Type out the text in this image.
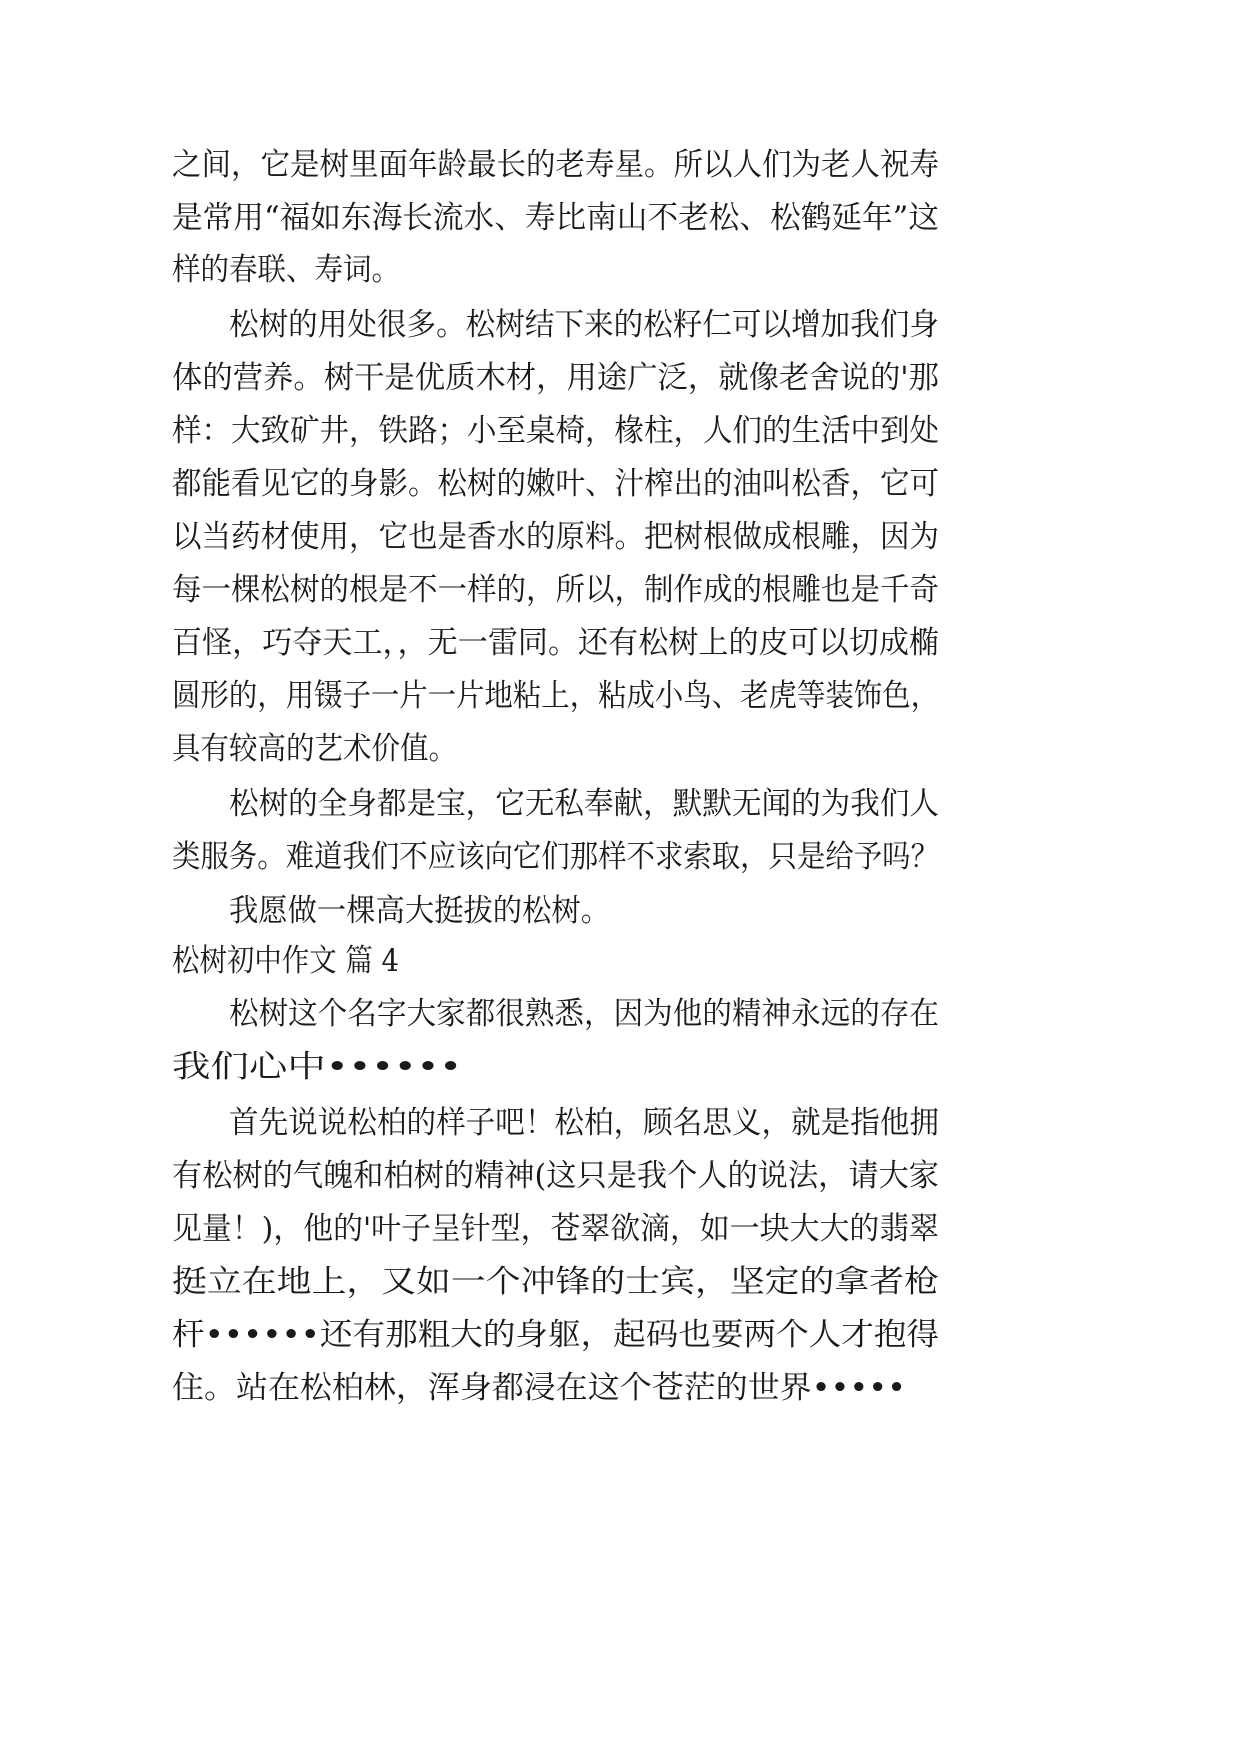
之间，它是树里面年龄最长的老寿星。所以人们为老人祝寿
是常用“福如东海长流水、寿比南山不老松、松鹤延年”这
样的春联、寿词。
松树的用处很多。松树结下来的松籽仁可以增加我们身
体的营养。树干是优质木材，用途广泛，就像老舍说的'那
样：大致矿井，铁路；小至桌椅，椽柱，人们的生活中到处
都能看见它的身影。松树的嫩叶、汁榨出的油叫松香，它可
以当药材使用，它也是香水的原料。把树根做成根雕，因为
每一棵松树的根是不一样的，所以，制作成的根雕也是千奇
百怪，巧夺天工，，无一雷同。还有松树上的皮可以切成椭
圆形的，用镊子一片一片地粘上，粘成小鸟、老虎等装饰色，
具有较高的艺术价值。
松树的全身都是宝，它无私奉献，默默无闻的为我们人
类服务。难道我们不应该向它们那样不求索取，只是给予吗？
我愿做一棵高大挺拔的松树。
松树初中作文 篇 4
松树这个名字大家都很熟悉，因为他的精神永远的存在
我们心中••••••
首先说说松柏的样子吧！松柏，顾名思义，就是指他拥
有松树的气魄和柏树的精神(这只是我个人的说法，请大家
见量！)，他的'叶子呈针型，苍翠欲滴，如一块大大的翡翠
挺立在地上，又如一个冲锋的士宾，坚定的拿者枪
杆••••••还有那粗大的身躯，起码也要两个人才抱得
住。站在松柏林，浑身都浸在这个苍茫的世界•••••
